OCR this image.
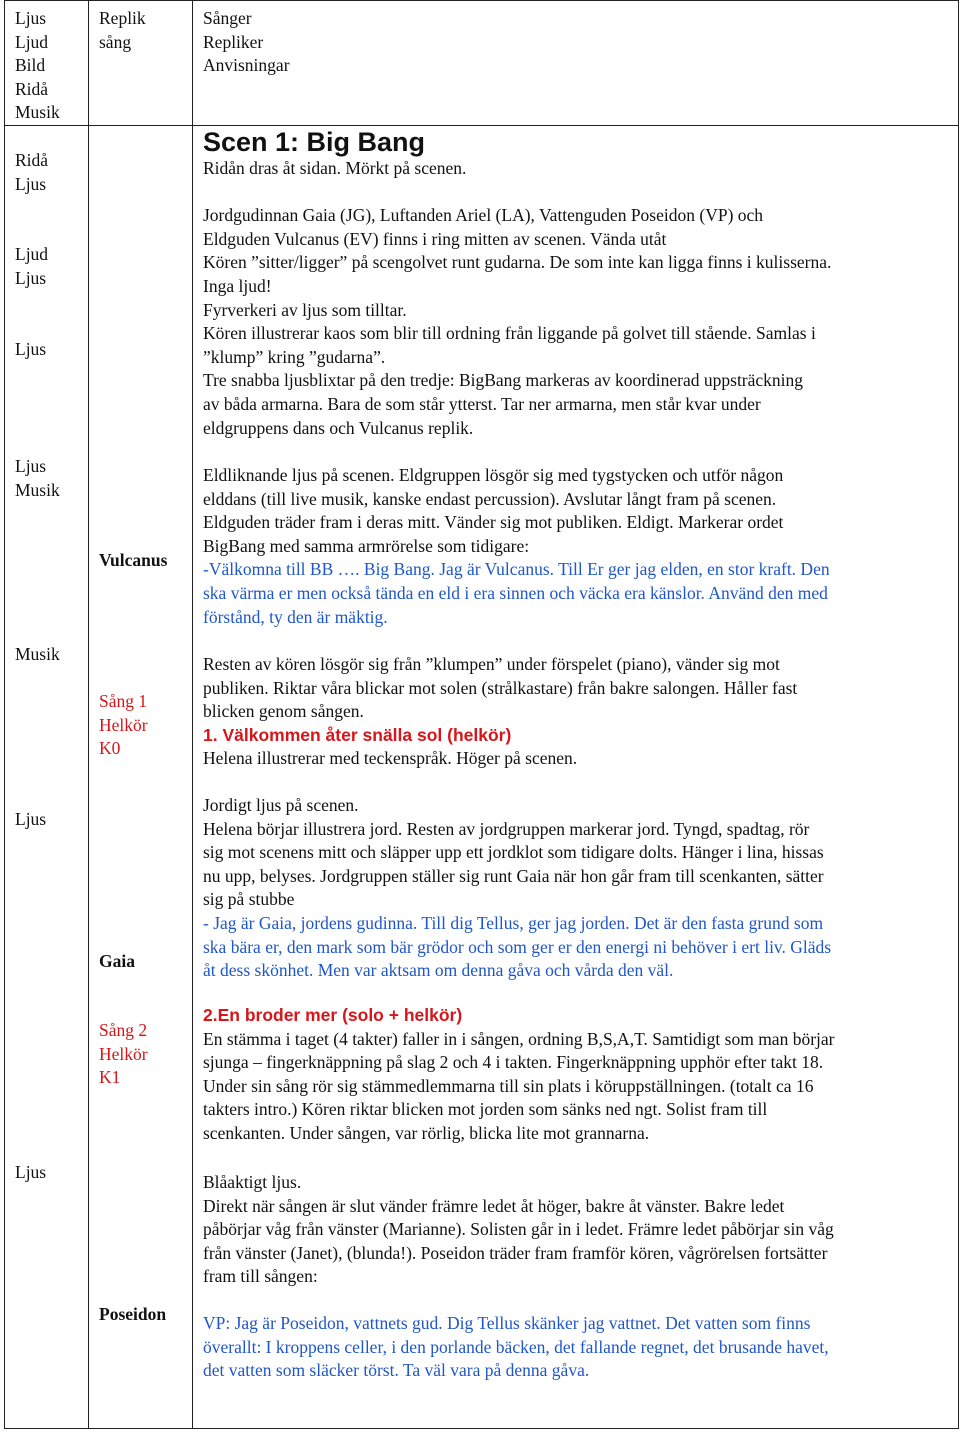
Ljus
Ljud
Bild
Ridå
Musik
Replik
sång
Sånger
Repliker
Anvisningar
Ridå
Ljus

Ljud
Ljus

Ljus
Scen 1: Big Bang
Ridån dras åt sidan. Mörkt på scenen.

Jordgudinnan Gaia (JG), Luftanden Ariel (LA), Vattenguden Poseidon (VP) och
Eldguden Vulcanus (EV) finns i ring mitten av scenen. Vända utåt
Kören ”sitter/ligger” på scengolvet runt gudarna. De som inte kan ligga finns i kulisserna.
Inga ljud!
Fyrverkeri av ljus som tilltar.
Kören illustrerar kaos som blir till ordning från liggande på golvet till stående. Samlas i
”klump” kring ”gudarna”.
Tre snabba ljusblixtar på den tredje: BigBang markeras av koordinerad uppsträckning
av båda armarna. Bara de som står ytterst. Tar ner armarna, men står kvar under
eldgruppens dans och Vulcanus replik.
Ljus
Musik

Vulcanus
Eldliknande ljus på scenen. Eldgruppen lösgör sig med tygstycken och utför någon
elddans (till live musik, kanske endast percussion). Avslutar långt fram på scenen.
Eldguden träder fram i deras mitt. Vänder sig mot publiken. Eldigt. Markerar ordet
BigBang med samma armrörelse som tidigare:
-Välkomna till BB …. Big Bang. Jag är Vulcanus. Till Er ger jag elden, en stor kraft. Den
ska värma er men också tända en eld i era sinnen och väcka era känslor. Använd den med
förstånd, ty den är mäktig.
Musik

Sång 1
Helkör
K0
Resten av kören lösgör sig från ”klumpen” under förspelet (piano), vänder sig mot
publiken. Riktar våra blickar mot solen (strålkastare) från bakre salongen. Håller fast
blicken genom sången.
1. Välkommen åter snälla sol (helkör)
Helena illustrerar med teckenspråk. Höger på scenen.
Ljus

Gaia
Jordigt ljus på scenen.
Helena börjar illustrera jord. Resten av jordgruppen markerar jord. Tyngd, spadtag, rör
sig mot scenens mitt och släpper upp ett jordklot som tidigare dolts. Hänger i lina, hissas
nu upp, belyses. Jordgruppen ställer sig runt Gaia när hon går fram till scenkanten, sätter
sig på stubbe
- Jag är Gaia, jordens gudinna. Till dig Tellus, ger jag jorden. Det är den fasta grund som
ska bära er, den mark som bär grödor och som ger er den energi ni behöver i ert liv. Gläds
åt dess skönhet. Men var aktsam om denna gåva och vårda den väl.
Sång 2
Helkör
K1
2.En broder mer (solo + helkör)
En stämma i taget (4 takter) faller in i sången, ordning B,S,A,T. Samtidigt som man börjar
sjunga – fingerknäppning på slag 2 och 4 i takten. Fingerknäppning upphör efter takt 18.
Under sin sång rör sig stämmedlemmarna till sin plats i köruppställningen. (totalt ca 16
takters intro.) Kören riktar blicken mot jorden som sänks ned ngt. Solist fram till
scenkanten. Under sången, var rörlig, blicka lite mot grannarna.
Ljus	Blåaktigt ljus.
Direkt när sången är slut vänder främre ledet åt höger, bakre åt vänster. Bakre ledet
påbörjar våg från vänster (Marianne). Solisten går in i ledet. Främre ledet påbörjar sin våg
från vänster (Janet), (blunda!). Poseidon träder fram framför kören, vågrörelsen fortsätter
fram till sången:
Poseidon VP: Jag är Poseidon, vattnets gud. Dig Tellus skänker jag vattnet. Det vatten som finns
överallt: I kroppens celler, i den porlande bäcken, det fallande regnet, det brusande havet,
det vatten som släcker törst. Ta väl vara på denna gåva.
